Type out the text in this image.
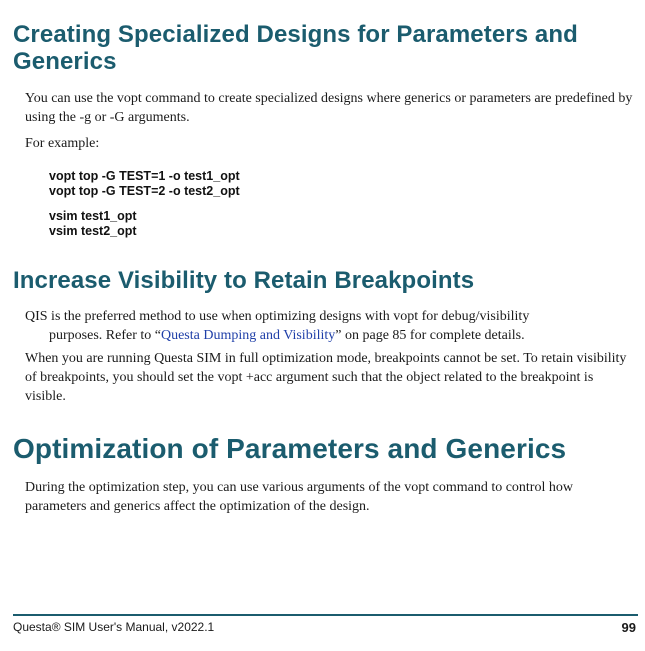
Creating Specialized Designs for Parameters and Generics

You can use the vopt command to create specialized designs where generics or parameters are predefined by using the -g or -G arguments.

For example:

vopt top -G TEST=1 -o test1_opt
vopt top -G TEST=2 -o test2_opt
vsim test1_opt
vsim test2_opt
Increase Visibility to Retain Breakpoints
QIS is the preferred method to use when optimizing designs with vopt for debug/visibility
purposes. Refer to “Questa Dumping and Visibility” on page 85 for complete details.

When you are running Questa SIM in full optimization mode, breakpoints cannot be set. To retain visibility of breakpoints, you should set the vopt +acc argument such that the object related to the breakpoint is visible.

Optimization of Parameters and Generics

During the optimization step, you can use various arguments of the vopt command to control how parameters and generics affect the optimization of the design.

Questa® SIM User's Manual, v2022.1	99
